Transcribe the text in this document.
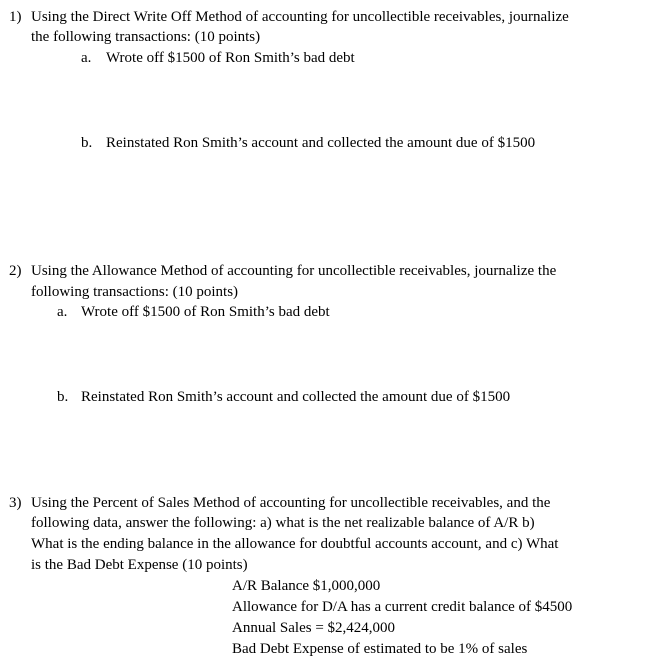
1) Using the Direct Write Off Method of accounting for uncollectible receivables, journalize
the following transactions: (10 points)
a. Wrote off $1500 of Ron Smith’s bad debt
b. Reinstated Ron Smith’s account and collected the amount due of $1500
2) Using the Allowance Method of accounting for uncollectible receivables, journalize the
following transactions: (10 points)
a. Wrote off $1500 of Ron Smith’s bad debt
b. Reinstated Ron Smith’s account and collected the amount due of $1500
3) Using the Percent of Sales Method of accounting for uncollectible receivables, and the
following data, answer the following: a) what is the net realizable balance of A/R b)
What is the ending balance in the allowance for doubtful accounts account, and c) What
is the Bad Debt Expense (10 points)
A/R Balance $1,000,000
Allowance for D/A has a current credit balance of $4500
Annual Sales = $2,424,000
Bad Debt Expense of estimated to be 1% of sales
